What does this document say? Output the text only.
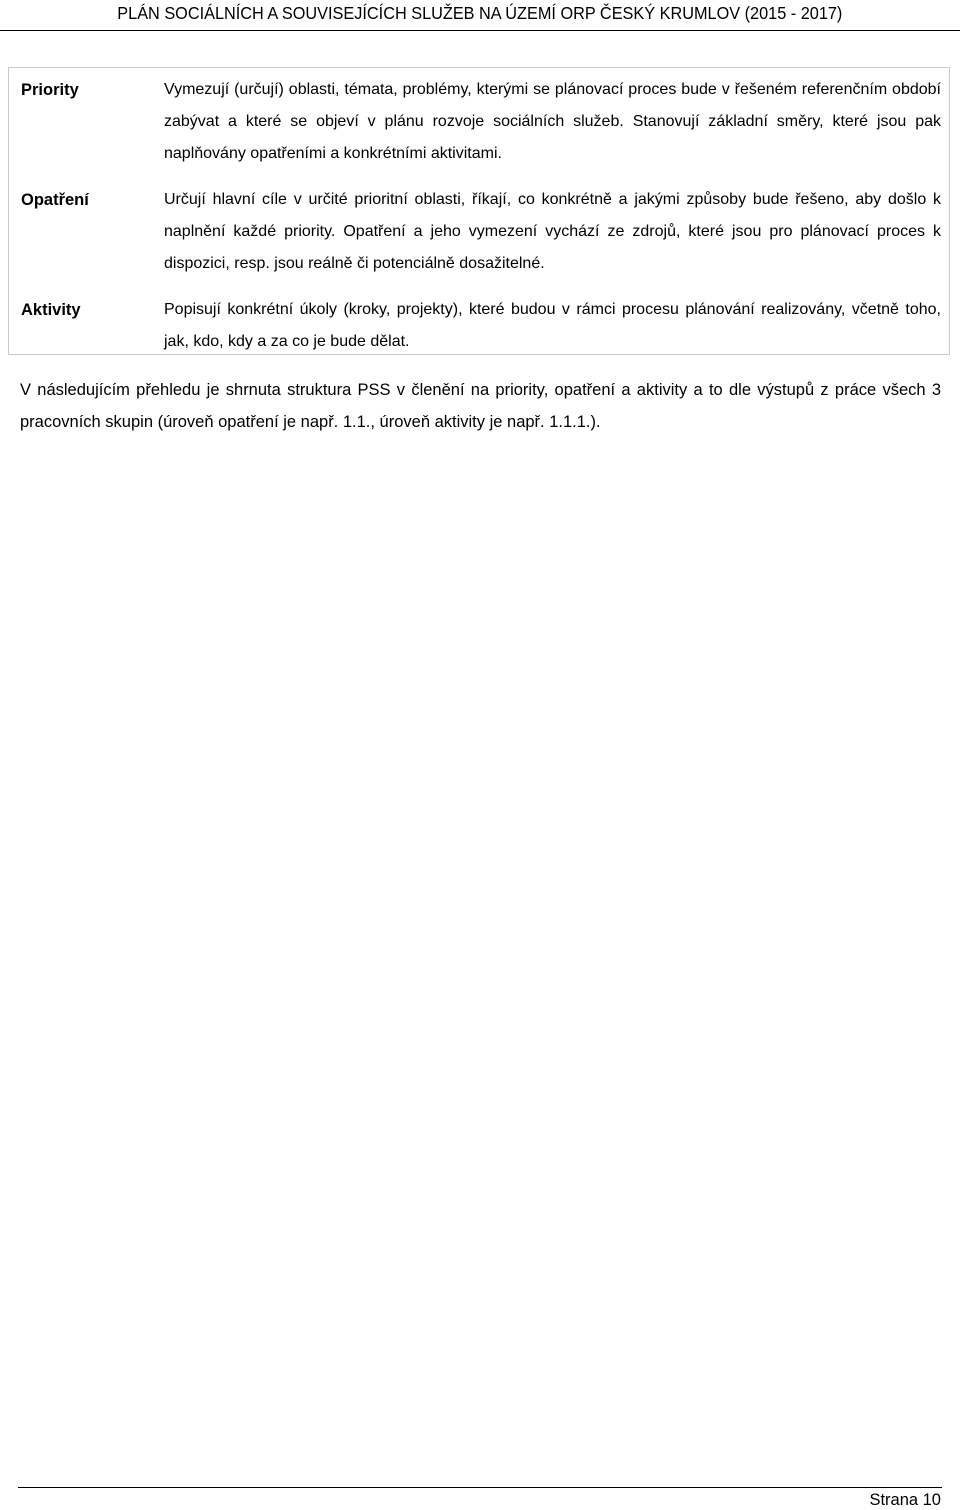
PLÁN SOCIÁLNÍCH A SOUVISEJÍCÍCH SLUŽEB NA ÚZEMÍ ORP ČESKÝ KRUMLOV (2015 - 2017)
Priority	Vymezují (určují) oblasti, témata, problémy, kterými se plánovací proces bude v řešeném referenčním období zabývat a které se objeví v plánu rozvoje sociálních služeb. Stanovují základní směry, které jsou pak naplňovány opatřeními a konkrétními aktivitami.
Opatření	Určují hlavní cíle v určité prioritní oblasti, říkají, co konkrétně a jakými způsoby bude řešeno, aby došlo k naplnění každé priority. Opatření a jeho vymezení vychází ze zdrojů, které jsou pro plánovací proces k dispozici, resp. jsou reálně či potenciálně dosažitelné.
Aktivity	Popisují konkrétní úkoly (kroky, projekty), které budou v rámci procesu plánování realizovány, včetně toho, jak, kdo, kdy a za co je bude dělat.

V následujícím přehledu je shrnuta struktura PSS v členění na priority, opatření a aktivity a to dle výstupů z práce všech 3 pracovních skupin (úroveň opatření je např. 1.1., úroveň aktivity je např. 1.1.1.).

Strana 10
